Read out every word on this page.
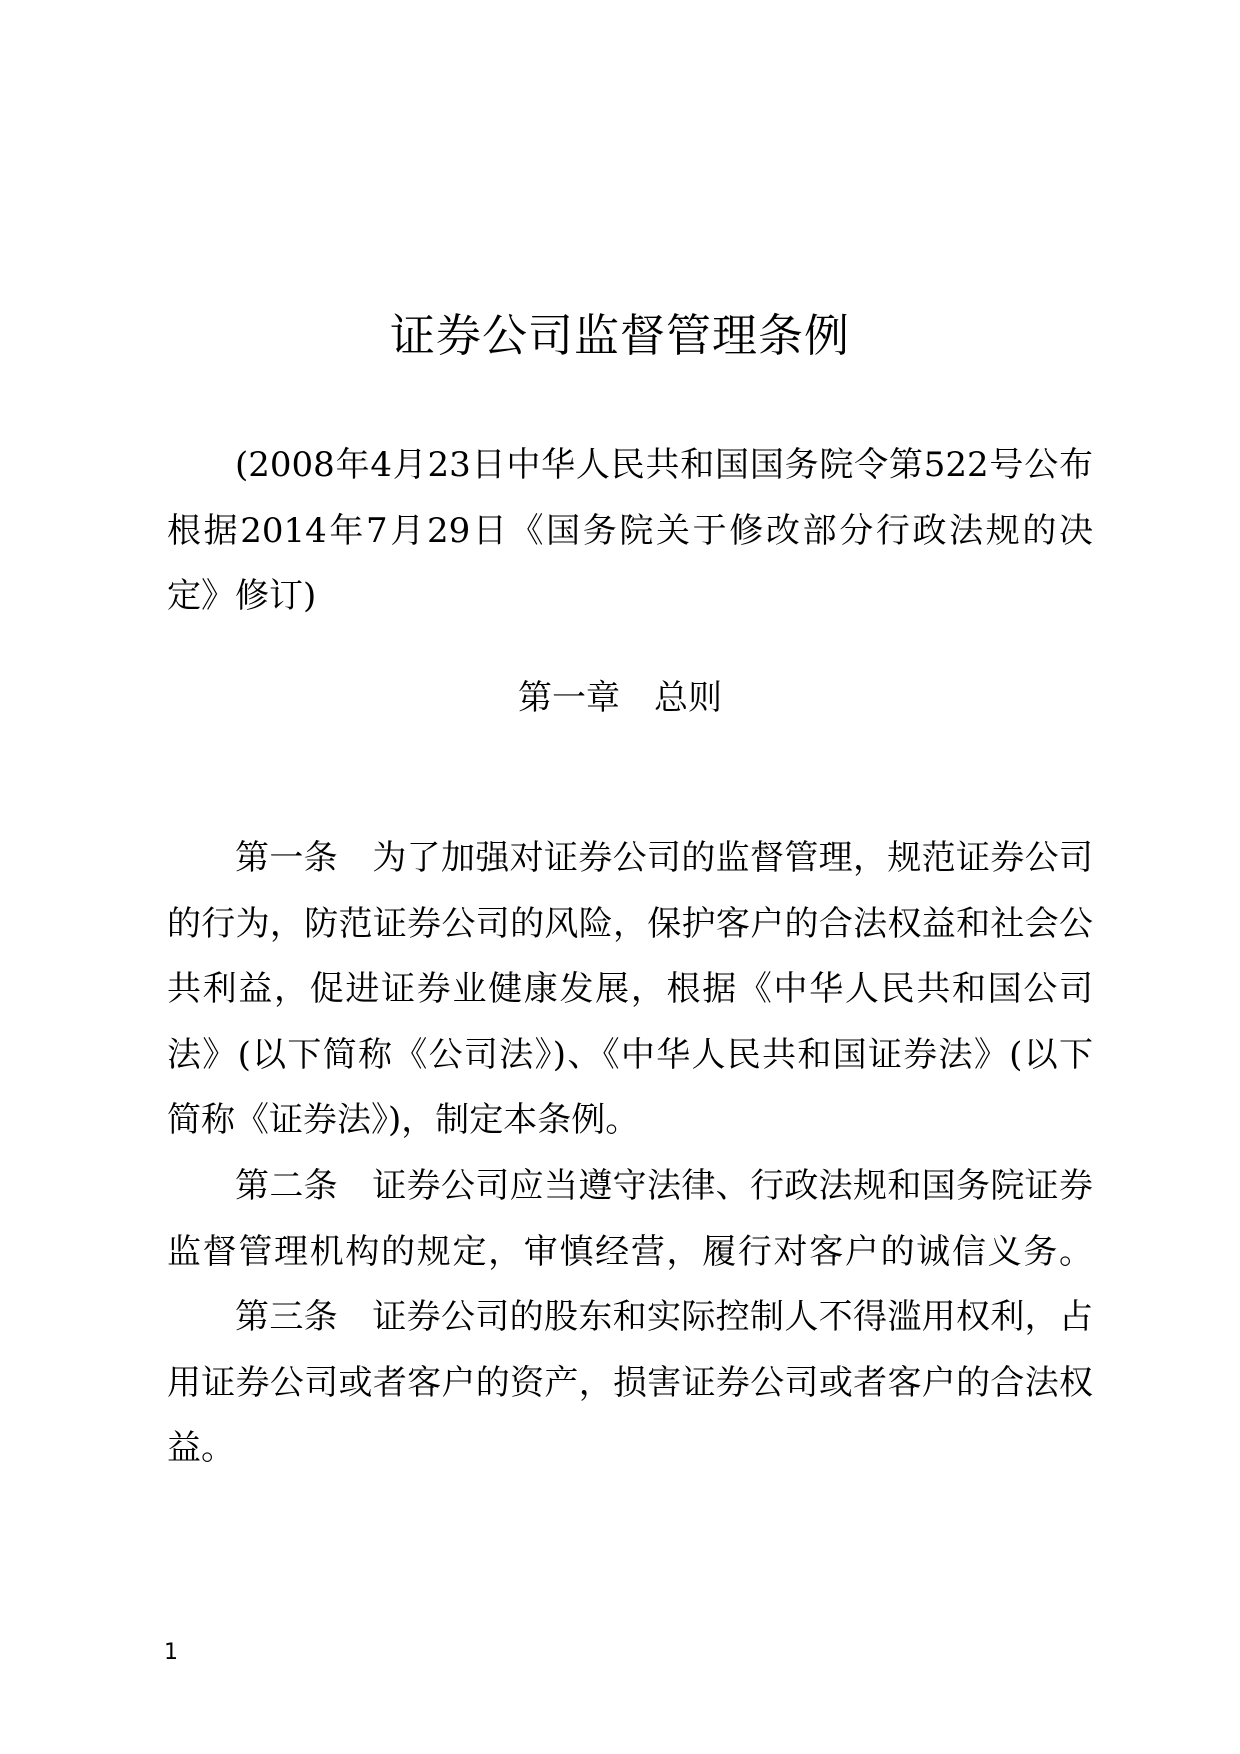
证券公司监督管理条例
(2008年4月23日中华人民共和国国务院令第522号公布
根据2014年7月29日《国务院关于修改部分行政法规的决
定》修订)
第一章　总则
第一条　为了加强对证券公司的监督管理，规范证券公司
的行为，防范证券公司的风险，保护客户的合法权益和社会公
共利益，促进证券业健康发展，根据《中华人民共和国公司
法》(以下简称《公司法》)、《中华人民共和国证券法》(以下
简称《证券法》)，制定本条例。
第二条　证券公司应当遵守法律、行政法规和国务院证券
监督管理机构的规定，审慎经营，履行对客户的诚信义务。
第三条　证券公司的股东和实际控制人不得滥用权利，占
用证券公司或者客户的资产，损害证券公司或者客户的合法权
益。
1
